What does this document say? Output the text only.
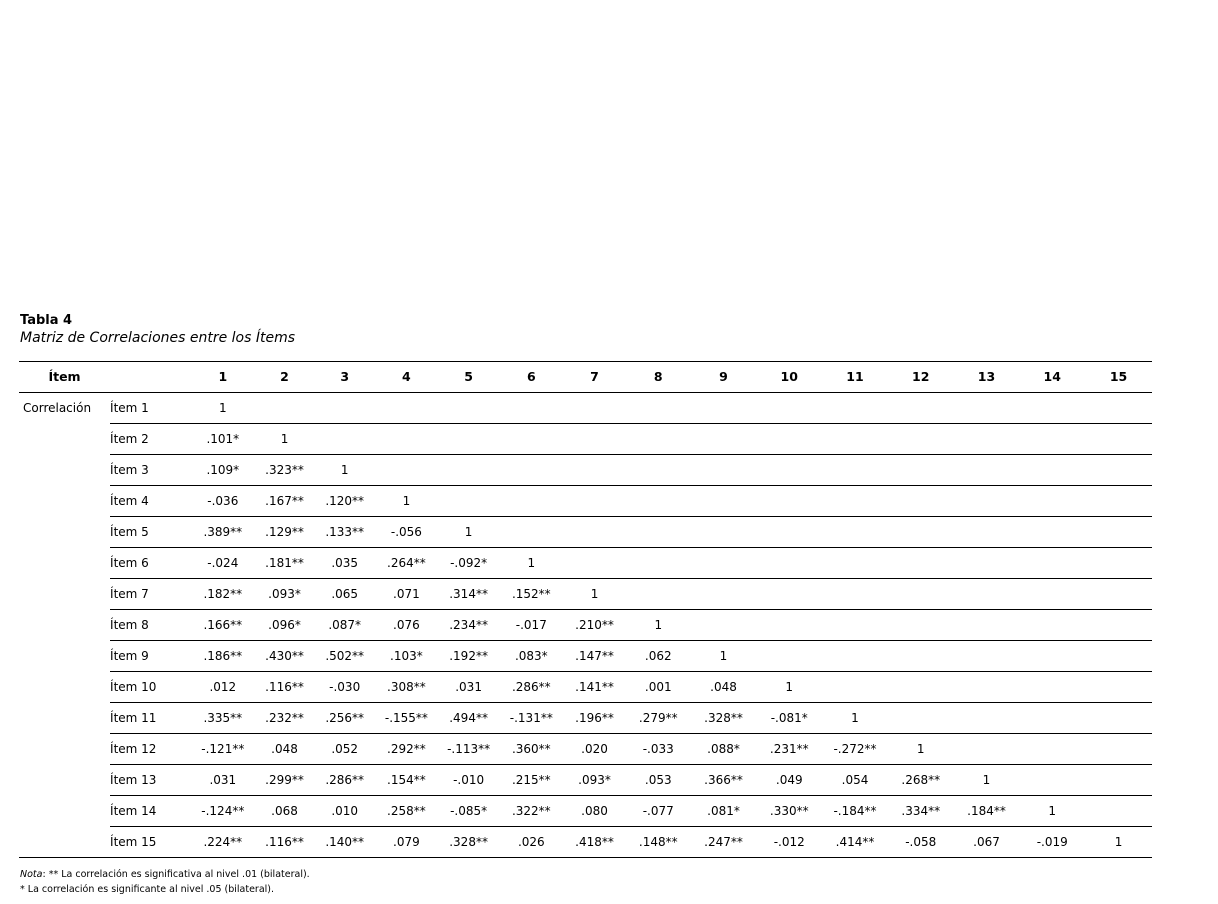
Tabla 4
Matriz de Correlaciones entre los Ítems
Ítem		1	2	3	4	5	6	7	8	9	10	11	12	13	14	15
Correlación	Ítem 1	1														
	Ítem 2	.101*	1													
	Ítem 3	.109*	.323**	1												
	Ítem 4	-.036	.167**	.120**	1											
	Ítem 5	.389**	.129**	.133**	-.056	1										
	Ítem 6	-.024	.181**	.035	.264**	-.092*	1									
	Ítem 7	.182**	.093*	.065	.071	.314**	.152**	1								
	Ítem 8	.166**	.096*	.087*	.076	.234**	-.017	.210**	1							
	Ítem 9	.186**	.430**	.502**	.103*	.192**	.083*	.147**	.062	1						
	Ítem 10	.012	.116**	-.030	.308**	.031	.286**	.141**	.001	.048	1					
	Ítem 11	.335**	.232**	.256**	-.155**	.494**	-.131**	.196**	.279**	.328**	-.081*	1				
	Ítem 12	-.121**	.048	.052	.292**	-.113**	.360**	.020	-.033	.088*	.231**	-.272**	1			
	Ítem 13	.031	.299**	.286**	.154**	-.010	.215**	.093*	.053	.366**	.049	.054	.268**	1		
	Ítem 14	-.124**	.068	.010	.258**	-.085*	.322**	.080	-.077	.081*	.330**	-.184**	.334**	.184**	1	
	Ítem 15	.224**	.116**	.140**	.079	.328**	.026	.418**	.148**	.247**	-.012	.414**	-.058	.067	-.019	1
Nota: ** La correlación es significativa al nivel .01 (bilateral).
* La correlación es significante al nivel .05 (bilateral).
